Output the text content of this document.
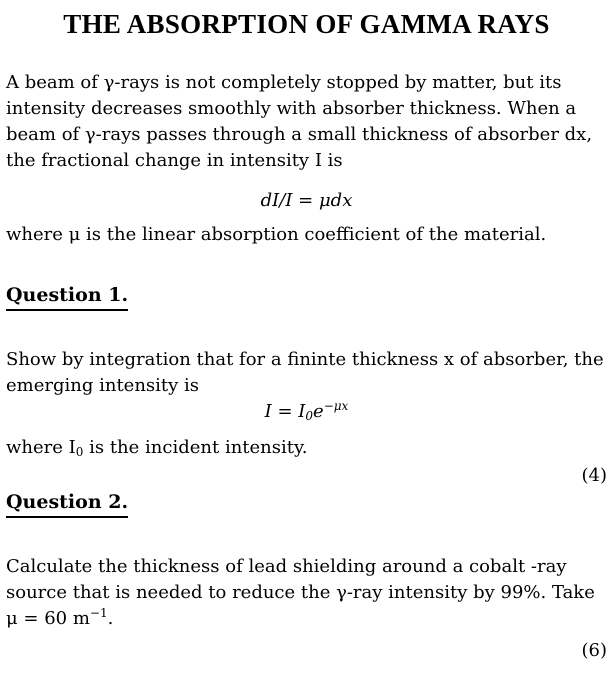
THE ABSORPTION OF GAMMA RAYS

A beam of γ-rays is not completely stopped by matter, but its intensity decreases smoothly with absorber thickness. When a beam of γ-rays passes through a small thickness of absorber dx, the fractional change in intensity I is

dI/I = μdx

where μ is the linear absorption coefficient of the material.

Question 1.

Show by integration that for a fininte thickness x of absorber, the emerging intensity is

$I = I_0e^{-\mu x}$

where $I_0$ is the incident intensity.

(4)
Question 2.

Calculate the thickness of lead shielding around a cobalt -ray source that is needed to reduce the γ-ray intensity by 99%. Take μ = 60 $m^{-1}$.

(6)
